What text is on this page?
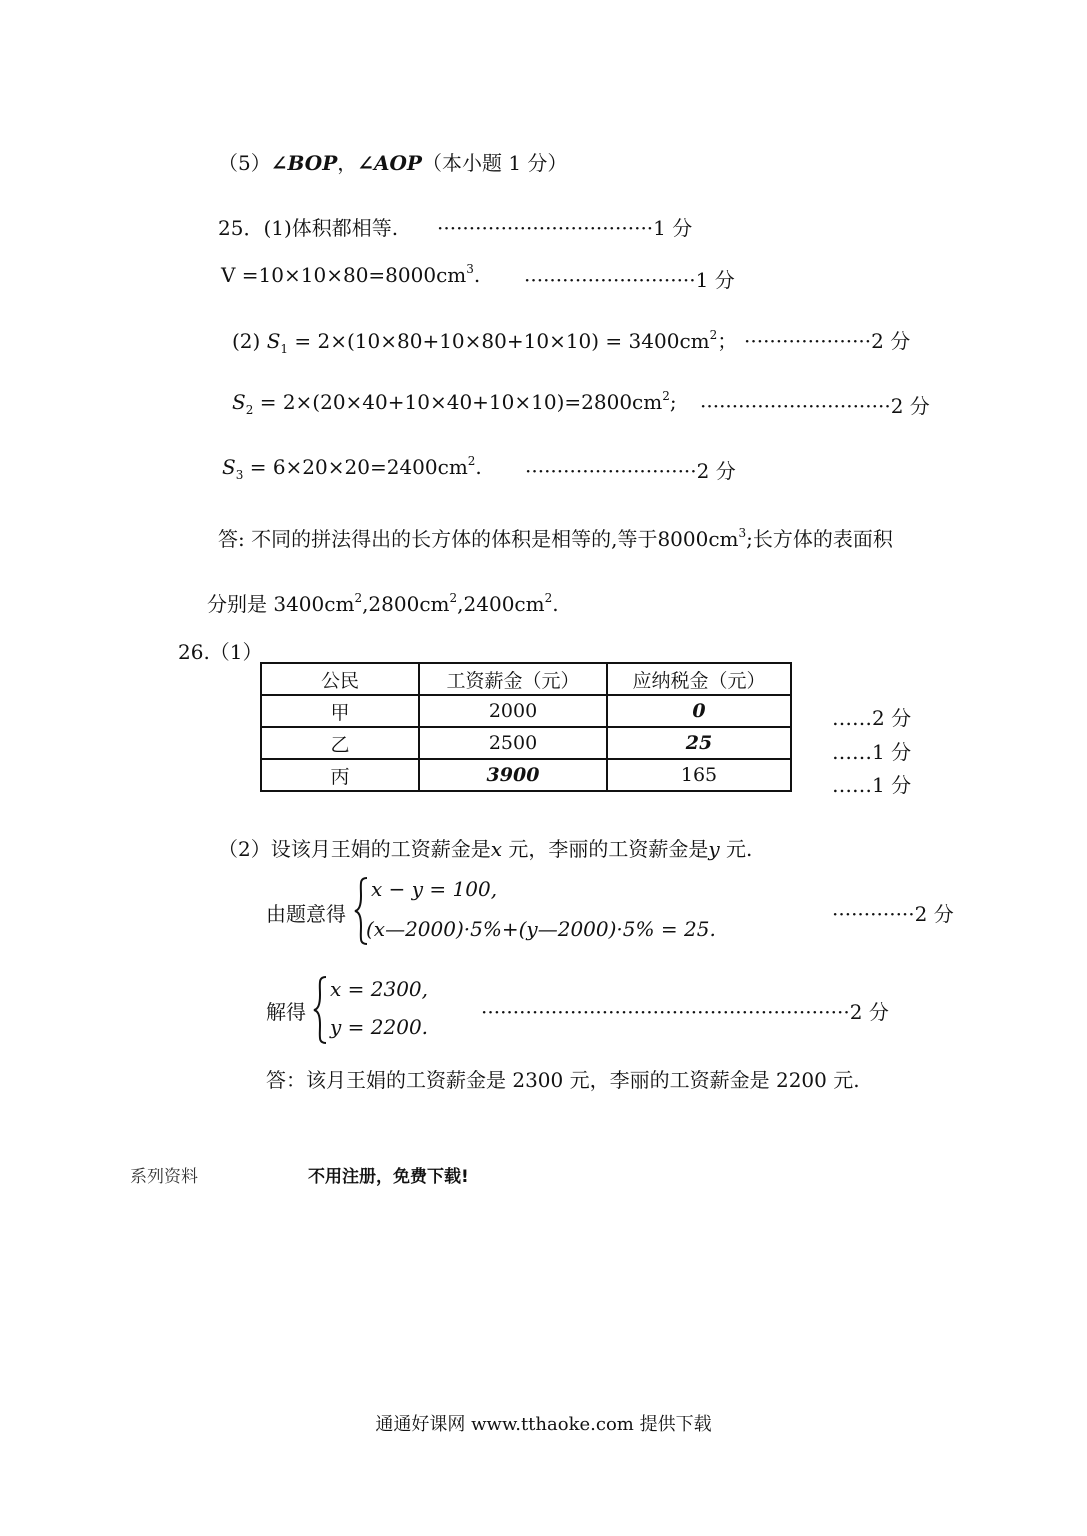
（5）∠BOP，∠AOP（本小题 1 分）
25．(1)体积都相等. ··································1 分
$V =10\times 10\times 80=8000cm^3$. ···························1 分
(2) $S_1 = 2\times(10\times 80+10\times 80+10\times 10) = 3400cm^2$； ····················2 分
$S_2 = 2\times(20\times 40+10\times 40+10\times 10)=2800cm^2$; ······························2 分
$S_3 = 6\times 20\times 20=2400cm^2$. ···························2 分
答: 不同的拼法得出的长方体的体积是相等的,等于$8000cm^3$;长方体的表面积
分别是 $3400cm^2,2800cm^2,2400cm^2$.
26.（1）
公民	工资薪金（元）	应纳税金（元）
甲	2000	0
乙	2500	25
丙	3900	165
……2 分
……1 分
……1 分
（2）设该月王娟的工资薪金是x 元，李丽的工资薪金是y 元.
由题意得
x − y = 100,
(x—2000)·5%+(y—2000)·5% = 25.
·············2 分
解得
x = 2300,
y = 2200.
··························································2 分
答：该月王娟的工资薪金是 2300 元，李丽的工资薪金是 2200 元.
系列资料	不用注册，免费下载!
通通好课网 www.tthaoke.com 提供下载
